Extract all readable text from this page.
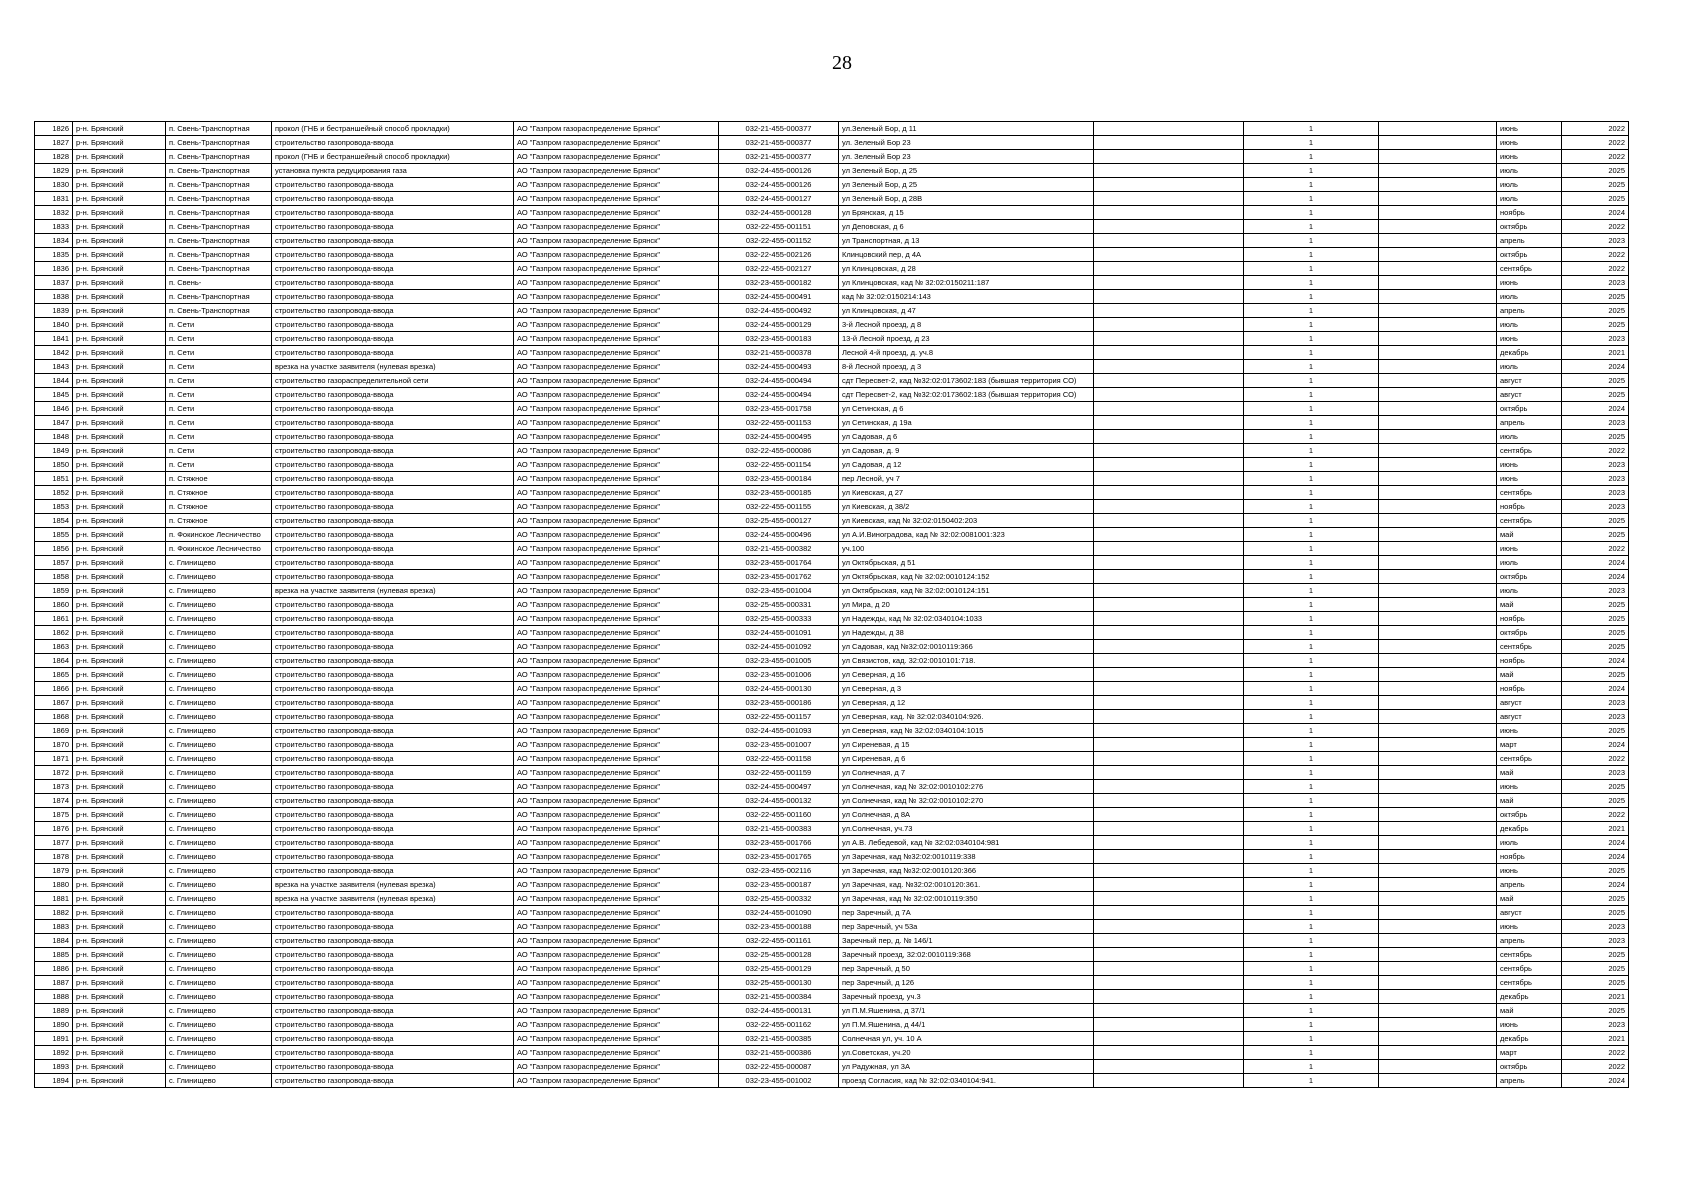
28
1826	р-н. Брянский	п. Свень-Транспортная	прокол (ГНБ и бестраншейный способ прокладки)	АО "Газпром газораспределение Брянск"	032-21-455-000377	ул.Зеленый Бор, д 11		1		июнь	2022
1827	р-н. Брянский	п. Свень-Транспортная	строительство газопровода-ввода	АО "Газпром газораспределение Брянск"	032-21-455-000377	ул. Зеленый Бор 23		1		июнь	2022
1828	р-н. Брянский	п. Свень-Транспортная	прокол (ГНБ и бестраншейный способ прокладки)	АО "Газпром газораспределение Брянск"	032-21-455-000377	ул. Зеленый Бор 23		1		июнь	2022
1829	р-н. Брянский	п. Свень-Транспортная	установка пункта редуцирования газа	АО "Газпром газораспределение Брянск"	032-24-455-000126	ул Зеленый Бор, д 25		1		июль	2025
1830	р-н. Брянский	п. Свень-Транспортная	строительство газопровода-ввода	АО "Газпром газораспределение Брянск"	032-24-455-000126	ул Зеленый Бор, д 25		1		июль	2025
1831	р-н. Брянский	п. Свень-Транспортная	строительство газопровода-ввода	АО "Газпром газораспределение Брянск"	032-24-455-000127	ул Зеленый Бор, д 28В		1		июль	2025
1832	р-н. Брянский	п. Свень-Транспортная	строительство газопровода-ввода	АО "Газпром газораспределение Брянск"	032-24-455-000128	ул Брянская, д 15		1		ноябрь	2024
1833	р-н. Брянский	п. Свень-Транспортная	строительство газопровода-ввода	АО "Газпром газораспределение Брянск"	032-22-455-001151	ул Деповская, д 6		1		октябрь	2022
1834	р-н. Брянский	п. Свень-Транспортная	строительство газопровода-ввода	АО "Газпром газораспределение Брянск"	032-22-455-001152	ул Транспортная, д 13		1		апрель	2023
1835	р-н. Брянский	п. Свень-Транспортная	строительство газопровода-ввода	АО "Газпром газораспределение Брянск"	032-22-455-002126	Клинцовский пер, д 4А		1		октябрь	2022
1836	р-н. Брянский	п. Свень-Транспортная	строительство газопровода-ввода	АО "Газпром газораспределение Брянск"	032-22-455-002127	ул Клинцовская, д 28		1		сентябрь	2022
1837	р-н. Брянский	п. Свень-	строительство газопровода-ввода	АО "Газпром газораспределение Брянск"	032-23-455-000182	ул Клинцовская, кад № 32:02:0150211:187		1		июнь	2023
1838	р-н. Брянский	п. Свень-Транспортная	строительство газопровода-ввода	АО "Газпром газораспределение Брянск"	032-24-455-000491	кад № 32:02:0150214:143		1		июль	2025
1839	р-н. Брянский	п. Свень-Транспортная	строительство газопровода-ввода	АО "Газпром газораспределение Брянск"	032-24-455-000492	ул Клинцовская, д 47		1		апрель	2025
1840	р-н. Брянский	п. Сети	строительство газопровода-ввода	АО "Газпром газораспределение Брянск"	032-24-455-000129	3-й Лесной проезд, д 8		1		июль	2025
1841	р-н. Брянский	п. Сети	строительство газопровода-ввода	АО "Газпром газораспределение Брянск"	032-23-455-000183	13-й Лесной проезд, д 23		1		июнь	2023
1842	р-н. Брянский	п. Сети	строительство газопровода-ввода	АО "Газпром газораспределение Брянск"	032-21-455-000378	Лесной 4-й проезд, д. уч.8		1		декабрь	2021
1843	р-н. Брянский	п. Сети	врезка на участке заявителя (нулевая врезка)	АО "Газпром газораспределение Брянск"	032-24-455-000493	8-й Лесной проезд, д 3		1		июль	2024
1844	р-н. Брянский	п. Сети	строительство газораспределительной сети	АО "Газпром газораспределение Брянск"	032-24-455-000494	сдт Пересвет-2, кад №32:02:0173602:183 (бывшая территория СО)		1		август	2025
1845	р-н. Брянский	п. Сети	строительство газопровода-ввода	АО "Газпром газораспределение Брянск"	032-24-455-000494	сдт Пересвет-2, кад №32:02:0173602:183 (бывшая территория СО)		1		август	2025
1846	р-н. Брянский	п. Сети	строительство газопровода-ввода	АО "Газпром газораспределение Брянск"	032-23-455-001758	ул Сетинская, д 6		1		октябрь	2024
1847	р-н. Брянский	п. Сети	строительство газопровода-ввода	АО "Газпром газораспределение Брянск"	032-22-455-001153	ул Сетинская, д 19а		1		апрель	2023
1848	р-н. Брянский	п. Сети	строительство газопровода-ввода	АО "Газпром газораспределение Брянск"	032-24-455-000495	ул Садовая, д 6		1		июль	2025
1849	р-н. Брянский	п. Сети	строительство газопровода-ввода	АО "Газпром газораспределение Брянск"	032-22-455-000086	ул Садовая, д. 9		1		сентябрь	2022
1850	р-н. Брянский	п. Сети	строительство газопровода-ввода	АО "Газпром газораспределение Брянск"	032-22-455-001154	ул Садовая, д 12		1		июнь	2023
1851	р-н. Брянский	п. Стяжное	строительство газопровода-ввода	АО "Газпром газораспределение Брянск"	032-23-455-000184	пер Лесной, уч 7		1		июнь	2023
1852	р-н. Брянский	п. Стяжное	строительство газопровода-ввода	АО "Газпром газораспределение Брянск"	032-23-455-000185	ул Киевская, д 27		1		сентябрь	2023
1853	р-н. Брянский	п. Стяжное	строительство газопровода-ввода	АО "Газпром газораспределение Брянск"	032-22-455-001155	ул Киевская, д 38/2		1		ноябрь	2023
1854	р-н. Брянский	п. Стяжное	строительство газопровода-ввода	АО "Газпром газораспределение Брянск"	032-25-455-000127	ул Киевская, кад № 32:02:0150402:203		1		сентябрь	2025
1855	р-н. Брянский	п. Фокинское Лесничество	строительство газопровода-ввода	АО "Газпром газораспределение Брянск"	032-24-455-000496	ул А.И.Виноградова, кад № 32:02:0081001:323		1		май	2025
1856	р-н. Брянский	п. Фокинское Лесничество	строительство газопровода-ввода	АО "Газпром газораспределение Брянск"	032-21-455-000382	уч.100		1		июнь	2022
1857	р-н. Брянский	с. Глинищево	строительство газопровода-ввода	АО "Газпром газораспределение Брянск"	032-23-455-001764	ул Октябрьская, д 51		1		июль	2024
1858	р-н. Брянский	с. Глинищево	строительство газопровода-ввода	АО "Газпром газораспределение Брянск"	032-23-455-001762	ул Октябрьская, кад № 32:02:0010124:152		1		октябрь	2024
1859	р-н. Брянский	с. Глинищево	врезка на участке заявителя (нулевая врезка)	АО "Газпром газораспределение Брянск"	032-23-455-001004	ул Октябрьская, кад № 32:02:0010124:151		1		июль	2023
1860	р-н. Брянский	с. Глинищево	строительство газопровода-ввода	АО "Газпром газораспределение Брянск"	032-25-455-000331	ул Мира, д 20		1		май	2025
1861	р-н. Брянский	с. Глинищево	строительство газопровода-ввода	АО "Газпром газораспределение Брянск"	032-25-455-000333	ул Надежды, кад № 32:02:0340104:1033		1		ноябрь	2025
1862	р-н. Брянский	с. Глинищево	строительство газопровода-ввода	АО "Газпром газораспределение Брянск"	032-24-455-001091	ул Надежды, д 38		1		октябрь	2025
1863	р-н. Брянский	с. Глинищево	строительство газопровода-ввода	АО "Газпром газораспределение Брянск"	032-24-455-001092	ул Садовая, кад №32:02:0010119:366		1		сентябрь	2025
1864	р-н. Брянский	с. Глинищево	строительство газопровода-ввода	АО "Газпром газораспределение Брянск"	032-23-455-001005	ул Связистов, кад. 32:02:0010101:718.		1		ноябрь	2024
1865	р-н. Брянский	с. Глинищево	строительство газопровода-ввода	АО "Газпром газораспределение Брянск"	032-23-455-001006	ул Северная, д 16		1		май	2025
1866	р-н. Брянский	с. Глинищево	строительство газопровода-ввода	АО "Газпром газораспределение Брянск"	032-24-455-000130	ул Северная, д 3		1		ноябрь	2024
1867	р-н. Брянский	с. Глинищево	строительство газопровода-ввода	АО "Газпром газораспределение Брянск"	032-23-455-000186	ул Северная, д 12		1		август	2023
1868	р-н. Брянский	с. Глинищево	строительство газопровода-ввода	АО "Газпром газораспределение Брянск"	032-22-455-001157	ул Северная, кад. № 32:02:0340104:926.		1		август	2023
1869	р-н. Брянский	с. Глинищево	строительство газопровода-ввода	АО "Газпром газораспределение Брянск"	032-24-455-001093	ул Северная, кад № 32:02:0340104:1015		1		июнь	2025
1870	р-н. Брянский	с. Глинищево	строительство газопровода-ввода	АО "Газпром газораспределение Брянск"	032-23-455-001007	ул Сиреневая, д 15		1		март	2024
1871	р-н. Брянский	с. Глинищево	строительство газопровода-ввода	АО "Газпром газораспределение Брянск"	032-22-455-001158	ул Сиреневая, д 6		1		сентябрь	2022
1872	р-н. Брянский	с. Глинищево	строительство газопровода-ввода	АО "Газпром газораспределение Брянск"	032-22-455-001159	ул Солнечная, д 7		1		май	2023
1873	р-н. Брянский	с. Глинищево	строительство газопровода-ввода	АО "Газпром газораспределение Брянск"	032-24-455-000497	ул Солнечная, кад № 32:02:0010102:276		1		июнь	2025
1874	р-н. Брянский	с. Глинищево	строительство газопровода-ввода	АО "Газпром газораспределение Брянск"	032-24-455-000132	ул Солнечная, кад № 32:02:0010102:270		1		май	2025
1875	р-н. Брянский	с. Глинищево	строительство газопровода-ввода	АО "Газпром газораспределение Брянск"	032-22-455-001160	ул Солнечная, д 8А		1		октябрь	2022
1876	р-н. Брянский	с. Глинищево	строительство газопровода-ввода	АО "Газпром газораспределение Брянск"	032-21-455-000383	ул.Солнечная, уч.73		1		декабрь	2021
1877	р-н. Брянский	с. Глинищево	строительство газопровода-ввода	АО "Газпром газораспределение Брянск"	032-23-455-001766	ул А.В. Лебедевой, кад № 32:02:0340104:981		1		июль	2024
1878	р-н. Брянский	с. Глинищево	строительство газопровода-ввода	АО "Газпром газораспределение Брянск"	032-23-455-001765	ул Заречная, кад №32:02:0010119:338		1		ноябрь	2024
1879	р-н. Брянский	с. Глинищево	строительство газопровода-ввода	АО "Газпром газораспределение Брянск"	032-23-455-002116	ул Заречная, кад №32:02:0010120:366		1		июнь	2025
1880	р-н. Брянский	с. Глинищево	врезка на участке заявителя (нулевая врезка)	АО "Газпром газораспределение Брянск"	032-23-455-000187	ул Заречная, кад. №32:02:0010120:361.		1		апрель	2024
1881	р-н. Брянский	с. Глинищево	врезка на участке заявителя (нулевая врезка)	АО "Газпром газораспределение Брянск"	032-25-455-000332	ул Заречная, кад № 32:02:0010119:350		1		май	2025
1882	р-н. Брянский	с. Глинищево	строительство газопровода-ввода	АО "Газпром газораспределение Брянск"	032-24-455-001090	пер Заречный, д 7А		1		август	2025
1883	р-н. Брянский	с. Глинищево	строительство газопровода-ввода	АО "Газпром газораспределение Брянск"	032-23-455-000188	пер Заречный, уч 53а		1		июнь	2023
1884	р-н. Брянский	с. Глинищево	строительство газопровода-ввода	АО "Газпром газораспределение Брянск"	032-22-455-001161	Заречный пер, д. № 146/1		1		апрель	2023
1885	р-н. Брянский	с. Глинищево	строительство газопровода-ввода	АО "Газпром газораспределение Брянск"	032-25-455-000128	Заречный проезд, 32:02:0010119:368		1		сентябрь	2025
1886	р-н. Брянский	с. Глинищево	строительство газопровода-ввода	АО "Газпром газораспределение Брянск"	032-25-455-000129	пер Заречный, д 50		1		сентябрь	2025
1887	р-н. Брянский	с. Глинищево	строительство газопровода-ввода	АО "Газпром газораспределение Брянск"	032-25-455-000130	пер Заречный, д 126		1		сентябрь	2025
1888	р-н. Брянский	с. Глинищево	строительство газопровода-ввода	АО "Газпром газораспределение Брянск"	032-21-455-000384	Заречный проезд, уч.3		1		декабрь	2021
1889	р-н. Брянский	с. Глинищево	строительство газопровода-ввода	АО "Газпром газораспределение Брянск"	032-24-455-000131	ул П.М.Яшенина, д 37/1		1		май	2025
1890	р-н. Брянский	с. Глинищево	строительство газопровода-ввода	АО "Газпром газораспределение Брянск"	032-22-455-001162	ул П.М.Яшенина, д 44/1		1		июнь	2023
1891	р-н. Брянский	с. Глинищево	строительство газопровода-ввода	АО "Газпром газораспределение Брянск"	032-21-455-000385	Солнечная ул, уч. 10 А		1		декабрь	2021
1892	р-н. Брянский	с. Глинищево	строительство газопровода-ввода	АО "Газпром газораспределение Брянск"	032-21-455-000386	ул.Советская, уч.20		1		март	2022
1893	р-н. Брянский	с. Глинищево	строительство газопровода-ввода	АО "Газпром газораспределение Брянск"	032-22-455-000087	ул Радужная, ул 3А		1		октябрь	2022
1894	р-н. Брянский	с. Глинищево	строительство газопровода-ввода	АО "Газпром газораспределение Брянск"	032-23-455-001002	проезд Согласия, кад № 32:02:0340104:941.		1		апрель	2024
